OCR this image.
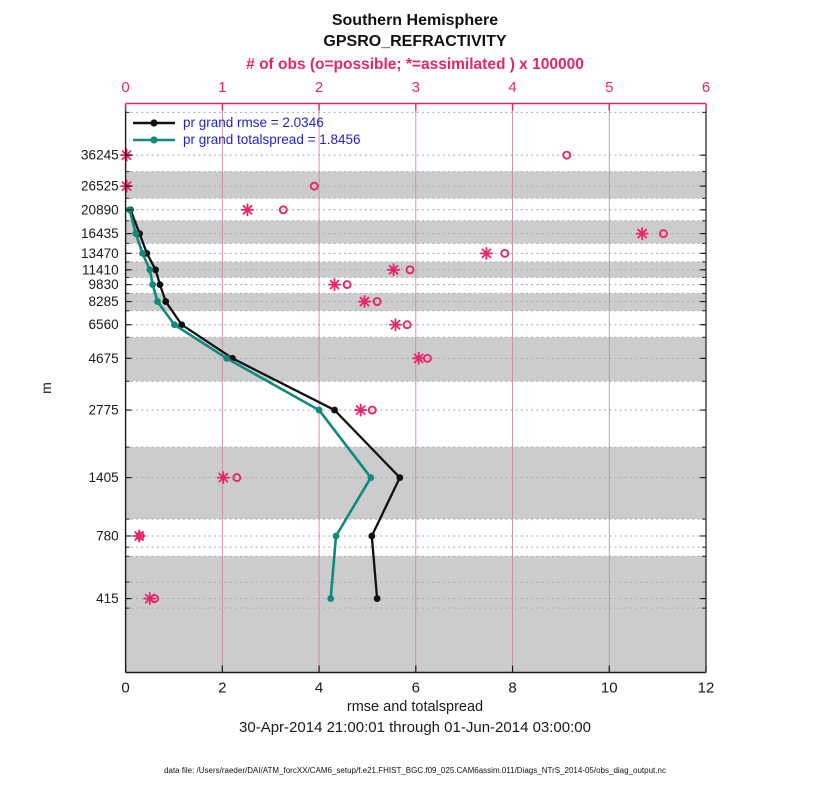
Southern Hemisphere
GPSRO_REFRACTIVITY
# of obs (o=possible; *=assimilated ) x 100000
0	2	4	6	8	10	12
0	1	2	3	4	5	6
415
780
1405
2775
4675
6560
8285
9830
11410
13470
16435
20890
26525
36245
pr grand rmse = 2.0346
pr grand totalspread = 1.8456
m
rmse and totalspread
30-Apr-2014 21:00:01 through 01-Jun-2014 03:00:00
data file: /Users/raeder/DAI/ATM_forcXX/CAM6_setup/f.e21.FHIST_BGC.f09_025.CAM6assim.011/Diags_NTrS_2014-05/obs_diag_output.nc
